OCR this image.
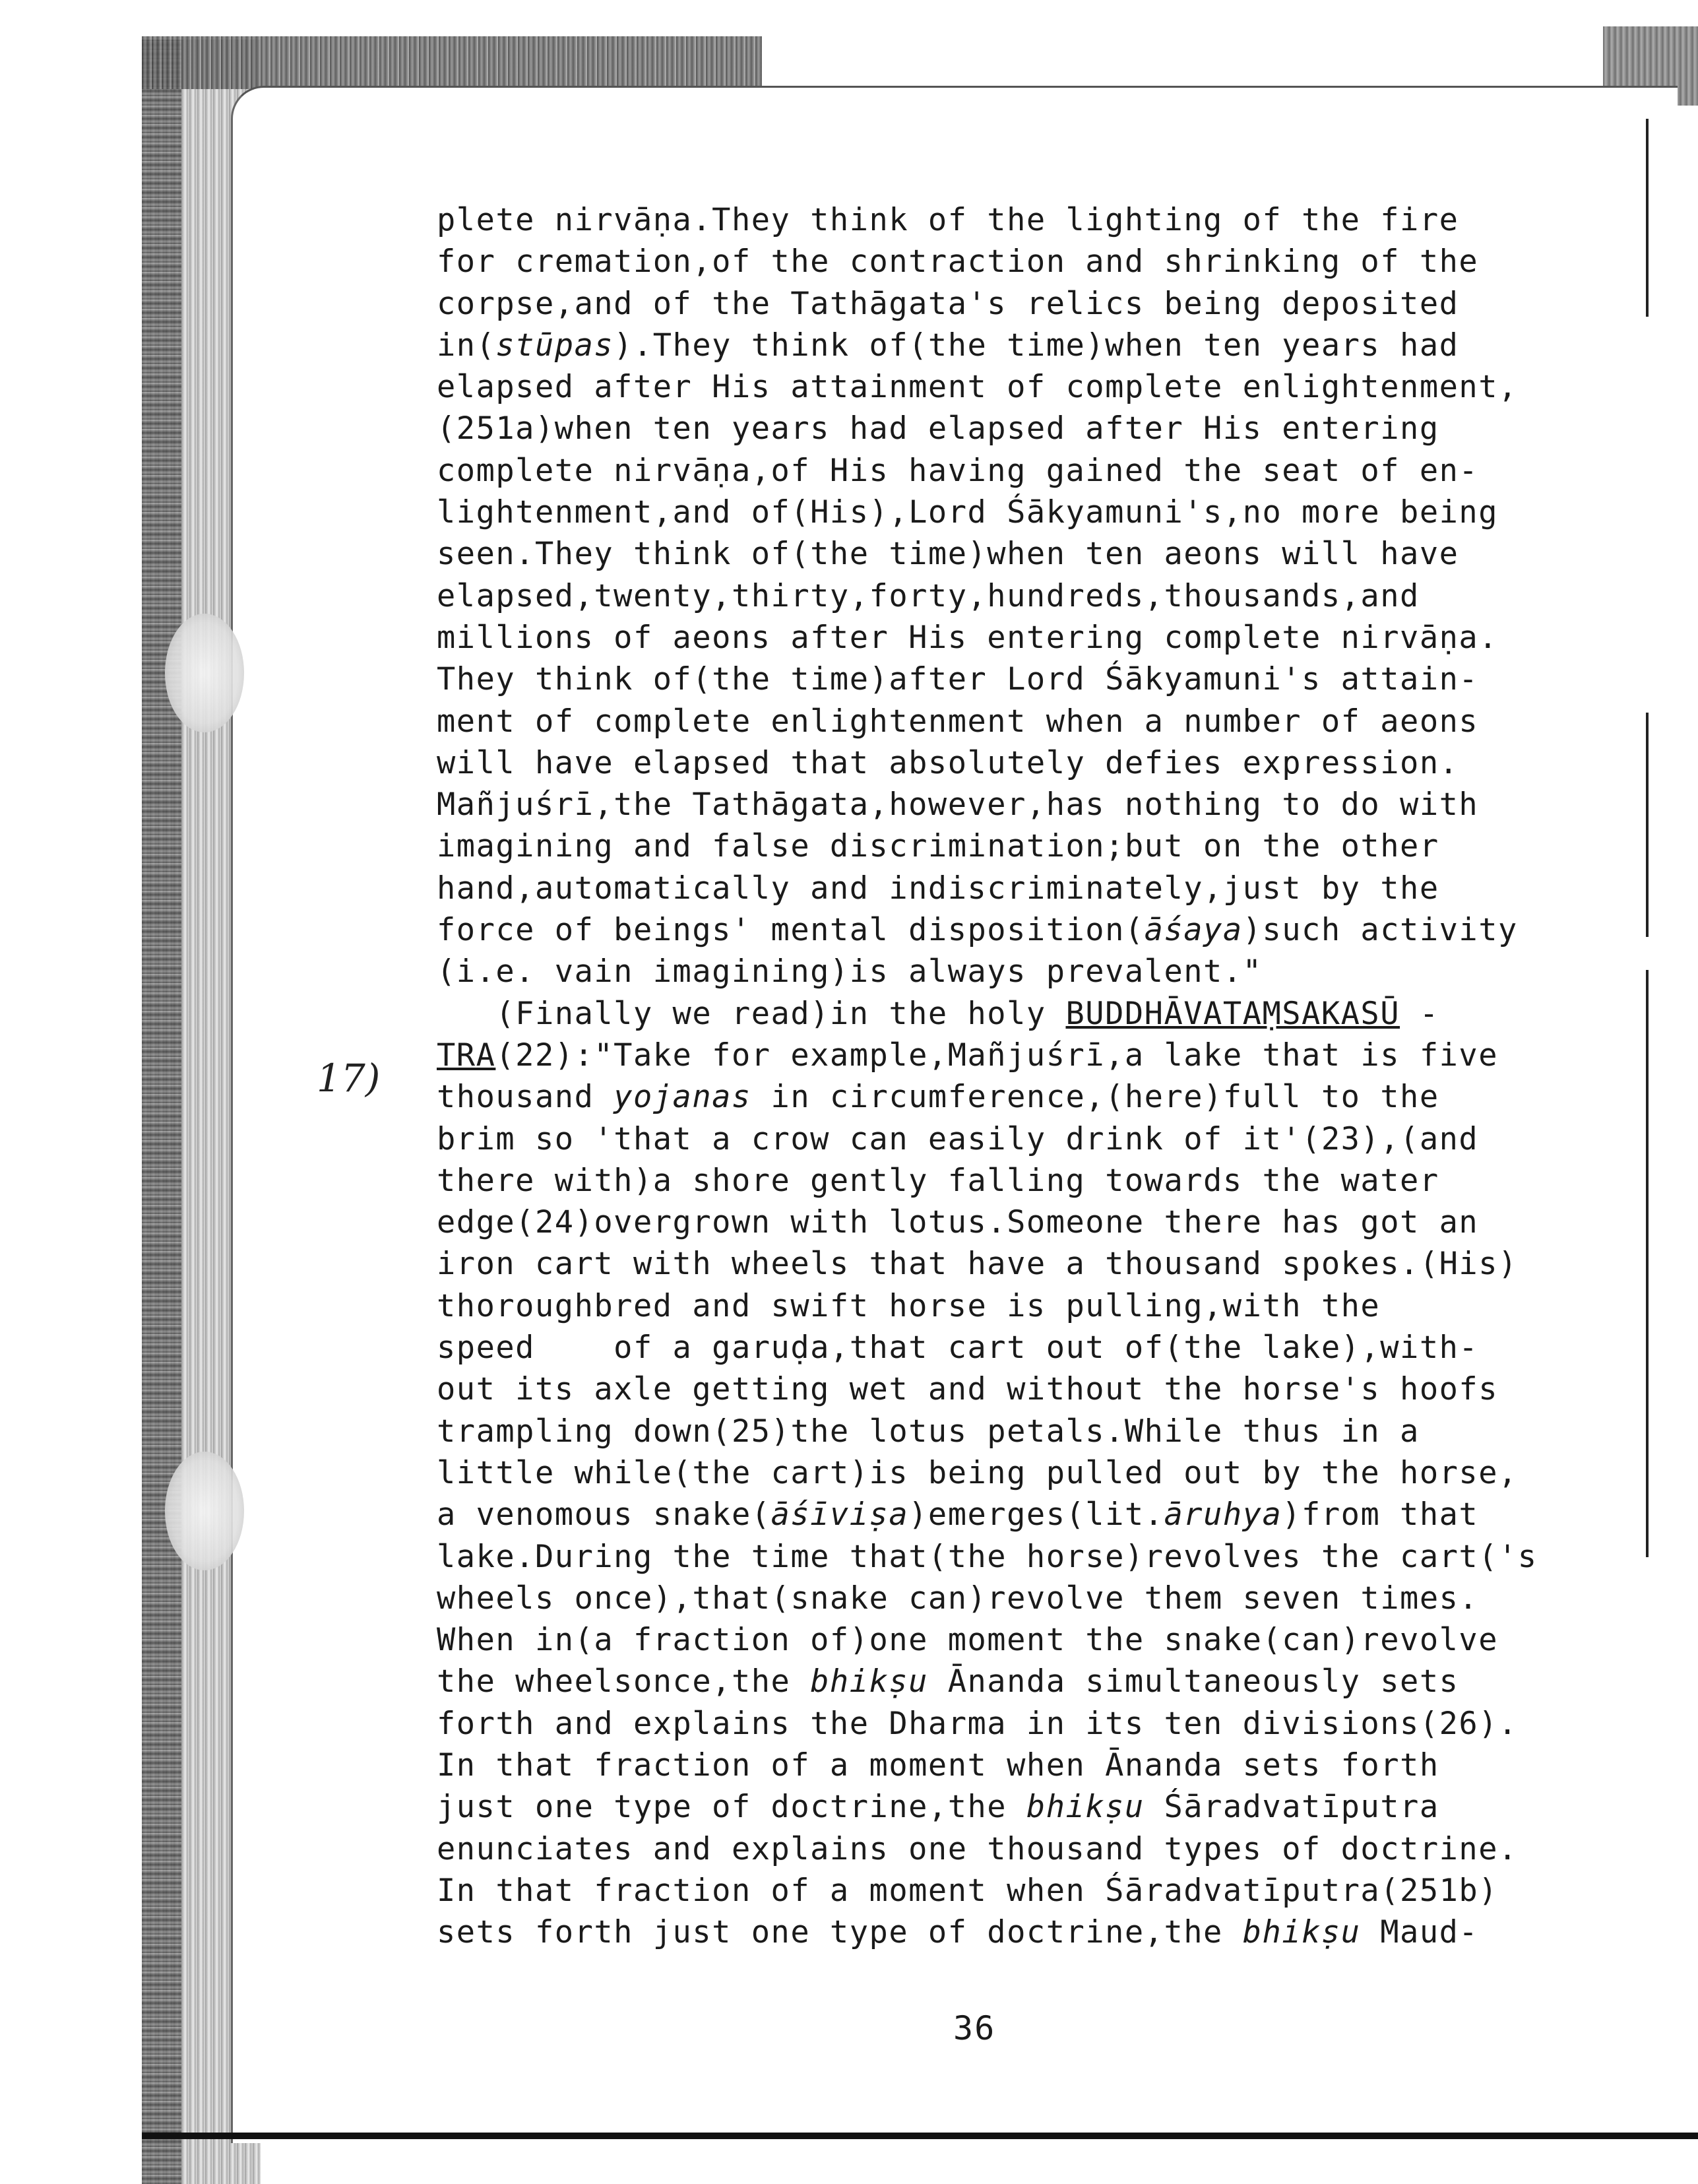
17)
plete nirvāṇa.They think of the lighting of the fire
for cremation,of the contraction and shrinking of the
corpse,and of the Tathāgata's relics being deposited
in(stūpas).They think of(the time)when ten years had
elapsed after His attainment of complete enlightenment,
(251a)when ten years had elapsed after His entering
complete nirvāṇa,of His having gained the seat of en-
lightenment,and of(His),Lord Śākyamuni's,no more being
seen.They think of(the time)when ten aeons will have
elapsed,twenty,thirty,forty,hundreds,thousands,and
millions of aeons after His entering complete nirvāṇa.
They think of(the time)after Lord Śākyamuni's attain-
ment of complete enlightenment when a number of aeons
will have elapsed that absolutely defies expression.
Mañjuśrī,the Tathāgata,however,has nothing to do with
imagining and false discrimination;but on the other
hand,automatically and indiscriminately,just by the
force of beings' mental disposition(āśaya)such activity
(i.e. vain imagining)is always prevalent."
(Finally we read)in the holy BUDDHĀVATAṂSAKASŪ -
TRA(22):"Take for example,Mañjuśrī,a lake that is five
thousand yojanas in circumference,(here)full to the
brim so 'that a crow can easily drink of it'(23),(and
there with)a shore gently falling towards the water
edge(24)overgrown with lotus.Someone there has got an
iron cart with wheels that have a thousand spokes.(His)
thoroughbred and swift horse is pulling,with the
speed    of a garuḍa,that cart out of(the lake),with-
out its axle getting wet and without the horse's hoofs
trampling down(25)the lotus petals.While thus in a
little while(the cart)is being pulled out by the horse,
a venomous snake(āśīviṣa)emerges(lit.āruhya)from that
lake.During the time that(the horse)revolves the cart('s
wheels once),that(snake can)revolve them seven times.
When in(a fraction of)one moment the snake(can)revolve
the wheelsonce,the bhikṣu Ānanda simultaneously sets
forth and explains the Dharma in its ten divisions(26).
In that fraction of a moment when Ānanda sets forth
just one type of doctrine,the bhikṣu Śāradvatīputra
enunciates and explains one thousand types of doctrine.
In that fraction of a moment when Śāradvatīputra(251b)
sets forth just one type of doctrine,the bhikṣu Maud-
36
